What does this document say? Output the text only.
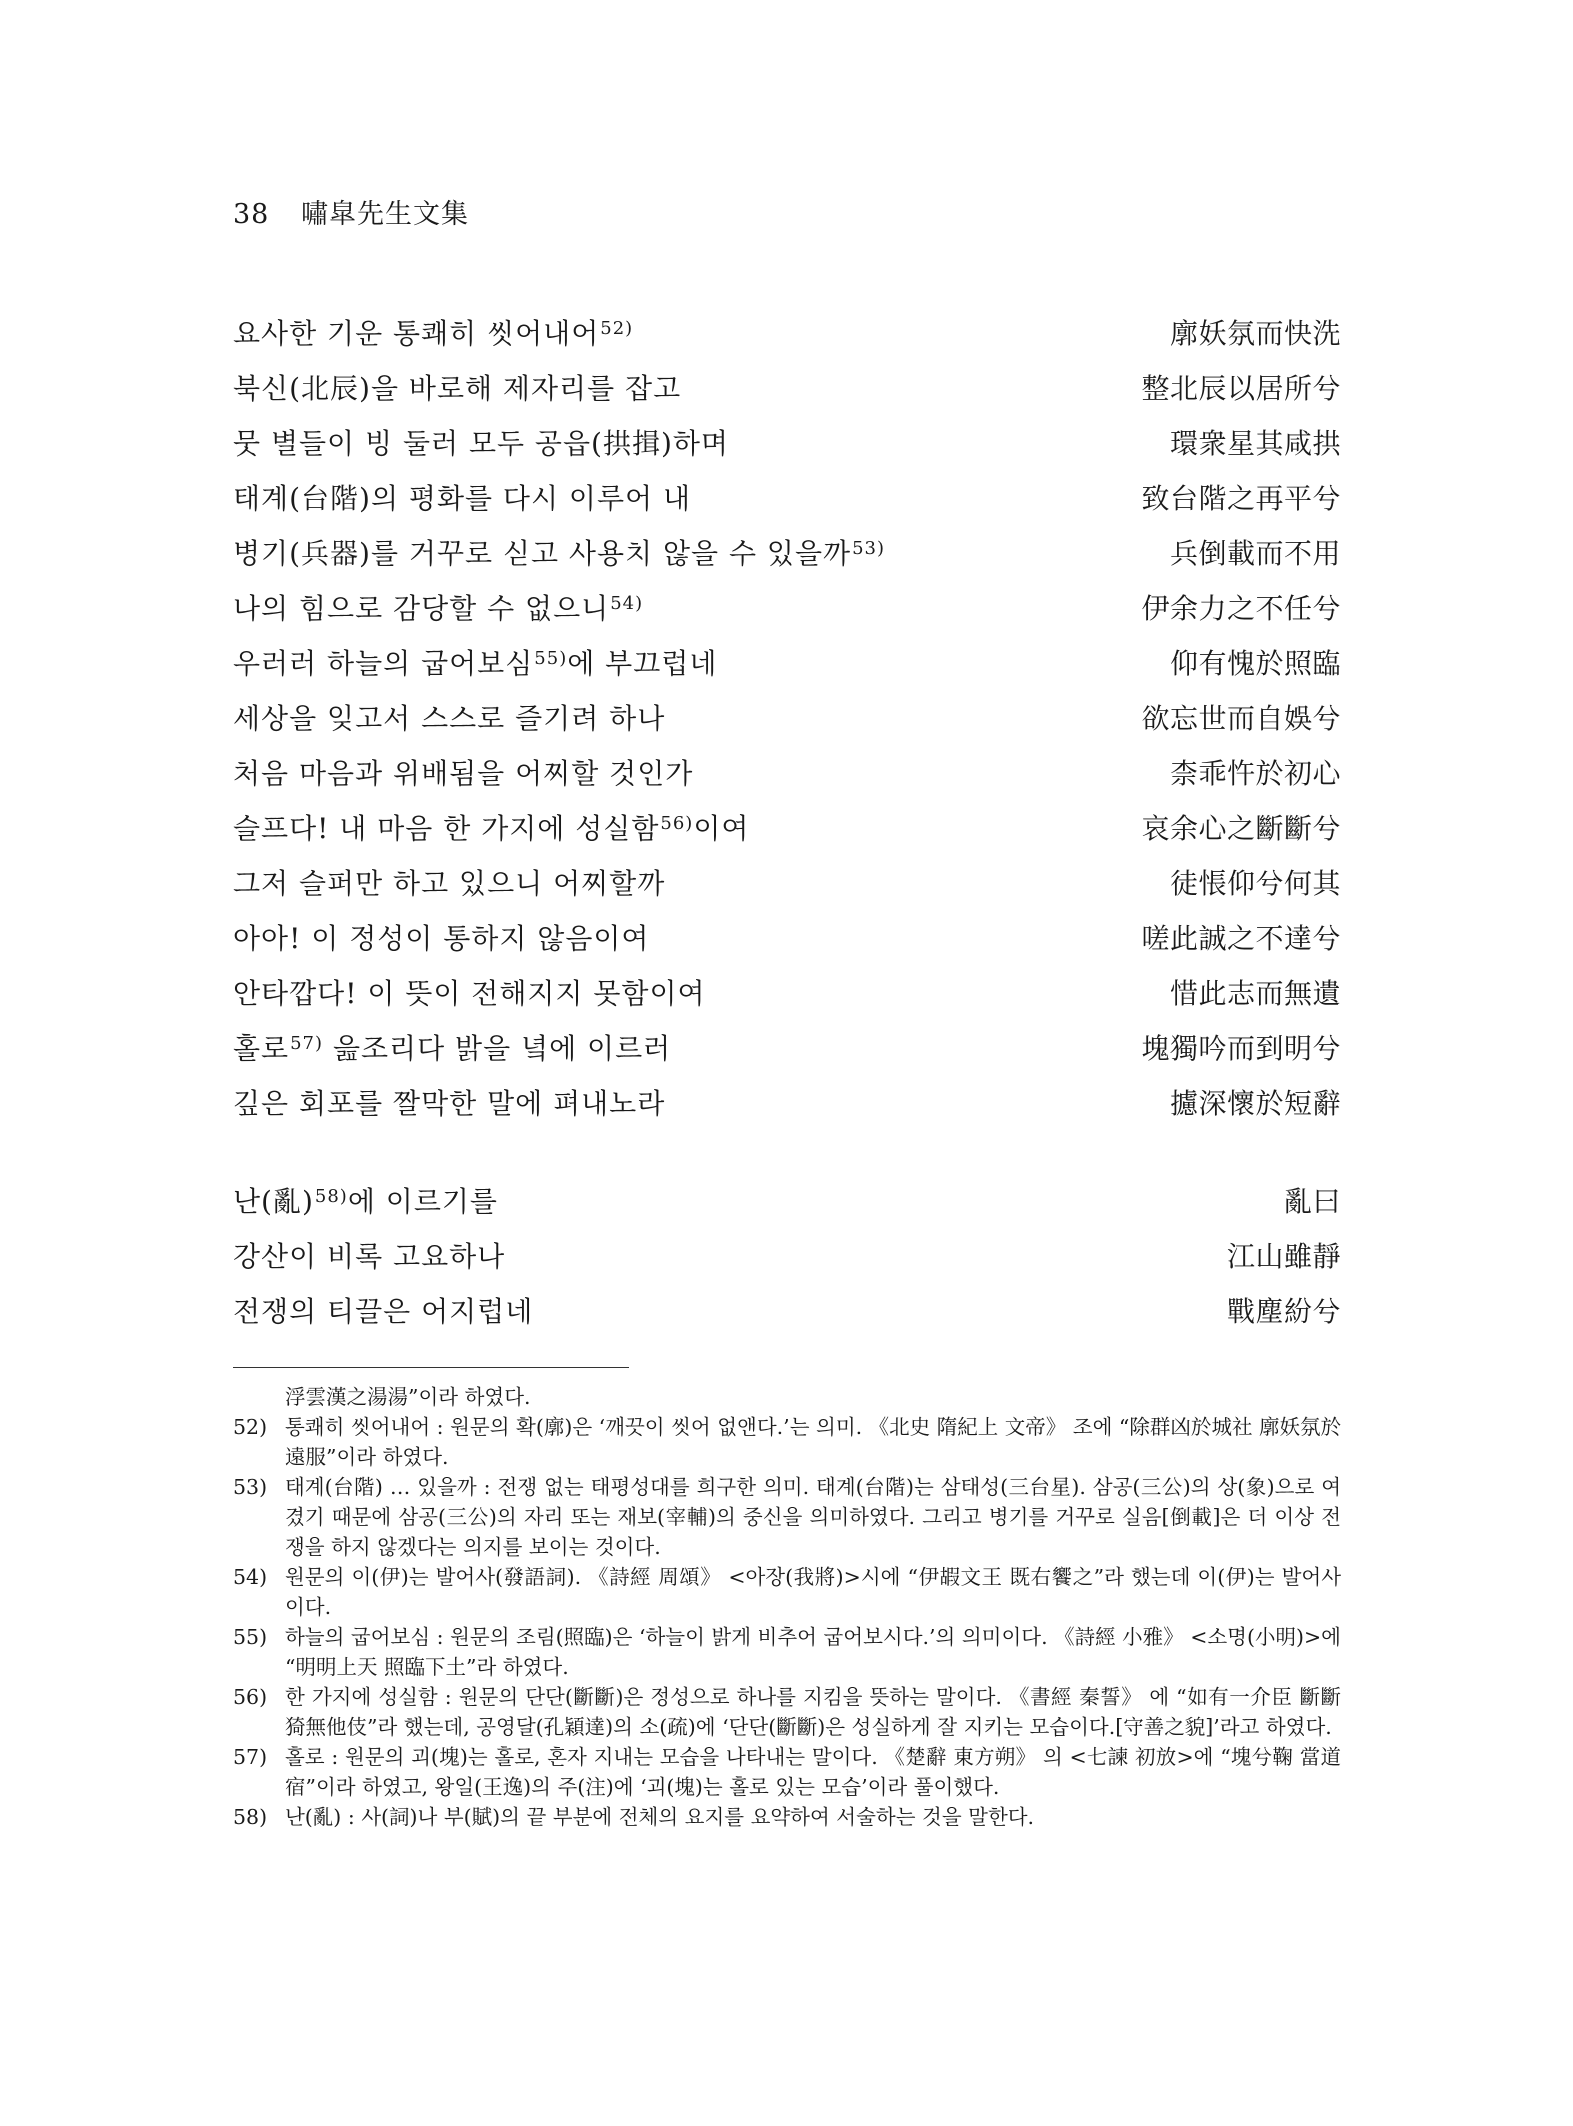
38 嘯皐先生文集
요사한 기운 통쾌히 씻어내어$^{52)}$	廓妖氛而快洗
북신(北辰)을 바로해 제자리를 잡고	整北辰以居所兮
뭇 별들이 빙 둘러 모두 공읍(拱揖)하며	環衆星其咸拱
태계(台階)의 평화를 다시 이루어 내	致台階之再平兮
병기(兵器)를 거꾸로 싣고 사용치 않을 수 있을까$^{53)}$	兵倒載而不用
나의 힘으로 감당할 수 없으니$^{54)}$	伊余力之不任兮
우러러 하늘의 굽어보심$^{55)}$에 부끄럽네	仰有愧於照臨
세상을 잊고서 스스로 즐기려 하나	欲忘世而自娛兮
처음 마음과 위배됨을 어찌할 것인가	柰乖忤於初心
슬프다! 내 마음 한 가지에 성실함$^{56)}$이여	哀余心之斷斷兮
그저 슬퍼만 하고 있으니 어찌할까	徒悵仰兮何其
아아! 이 정성이 통하지 않음이여	嗟此誠之不達兮
안타깝다! 이 뜻이 전해지지 못함이여	惜此志而無遺
홀로$^{57)}$ 읊조리다 밝을 녘에 이르러	塊獨吟而到明兮
깊은 회포를 짤막한 말에 펴내노라	攄深懷於短辭
난(亂)$^{58)}$에 이르기를	亂曰
강산이 비록 고요하나	江山雖靜
전쟁의 티끌은 어지럽네	戰塵紛兮
浮雲漢之湯湯”이라 하였다.
52) 통쾌히 씻어내어 : 원문의 확(廓)은 ‘깨끗이 씻어 없앤다.’는 의미. 《北史 隋紀上 文帝》 조에 “除群凶於城社 廓妖氛於遠服”이라 하였다.
53) 태계(台階) … 있을까 : 전쟁 없는 태평성대를 희구한 의미. 태계(台階)는 삼태성(三台星). 삼공(三公)의 상(象)으로 여겼기 때문에 삼공(三公)의 자리 또는 재보(宰輔)의 중신을 의미하였다. 그리고 병기를 거꾸로 실음[倒載]은 더 이상 전쟁을 하지 않겠다는 의지를 보이는 것이다.
54) 원문의 이(伊)는 발어사(發語詞). 《詩經 周頌》 <아장(我將)>시에 “伊嘏文王 既右饗之”라 했는데 이(伊)는 발어사이다.
55) 하늘의 굽어보심 : 원문의 조림(照臨)은 ‘하늘이 밝게 비추어 굽어보시다.’의 의미이다. 《詩經 小雅》 <소명(小明)>에 “明明上天 照臨下土”라 하였다.
56) 한 가지에 성실함 : 원문의 단단(斷斷)은 정성으로 하나를 지킴을 뜻하는 말이다. 《書經 秦誓》 에 “如有一介臣 斷斷猗無他伎”라 했는데, 공영달(孔穎達)의 소(疏)에 ‘단단(斷斷)은 성실하게 잘 지키는 모습이다.[守善之貌]’라고 하였다.
57) 홀로 : 원문의 괴(塊)는 홀로, 혼자 지내는 모습을 나타내는 말이다. 《楚辭 東方朔》 의 <七諫 初放>에 “塊兮鞠 當道宿”이라 하였고, 왕일(王逸)의 주(注)에 ‘괴(塊)는 홀로 있는 모습’이라 풀이했다.
58) 난(亂) : 사(詞)나 부(賦)의 끝 부분에 전체의 요지를 요약하여 서술하는 것을 말한다.
